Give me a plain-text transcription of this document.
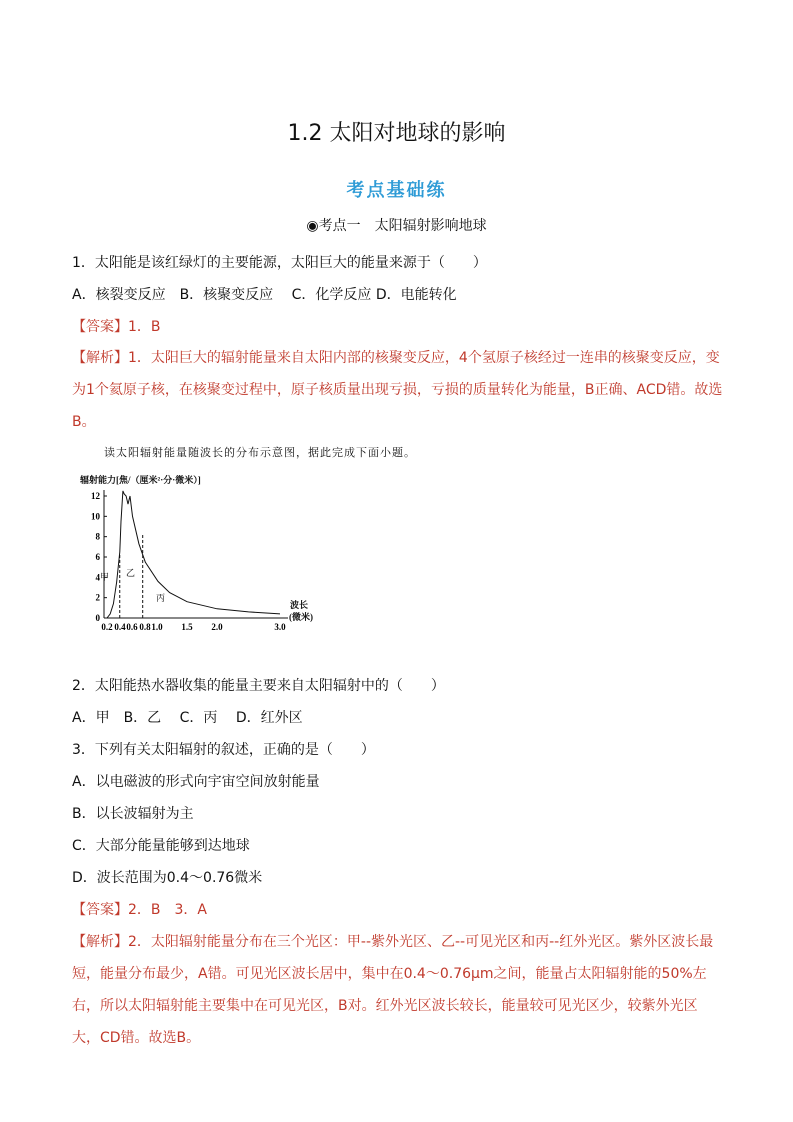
1.2 太阳对地球的影响
考点基础练
◉考点一　太阳辐射影响地球
1．太阳能是该红绿灯的主要能源，太阳巨大的能量来源于（　　）
A．核裂变反应　B．核聚变反应　 C．化学反应 D．电能转化
【答案】1．B
【解析】1．太阳巨大的辐射能量来自太阳内部的核聚变反应，4个氢原子核经过一连串的核聚变反应，变为1个氦原子核，在核聚变过程中，原子核质量出现亏损，亏损的质量转化为能量，B正确、ACD错。故选B。
读太阳辐射能量随波长的分布示意图，据此完成下面小题。
辐射能力[焦/（厘米²·分·微米）]
0
2
4
6
8
10
12
0.2 0.4 0.6 0.8 1.0 1.5 2.0	3.0
甲 乙
丙
波长(微米)
2．太阳能热水器收集的能量主要来自太阳辐射中的（　　）
A．甲　B．乙　 C．丙　 D．红外区
3．下列有关太阳辐射的叙述，正确的是（　　）
A．以电磁波的形式向宇宙空间放射能量
B．以长波辐射为主
C．大部分能量能够到达地球
D．波长范围为0.4～0.76微米
【答案】2．B　3．A
【解析】2．太阳辐射能量分布在三个光区：甲--紫外光区、乙--可见光区和丙--红外光区。紫外区波长最短，能量分布最少，A错。可见光区波长居中，集中在0.4～0.76μm之间，能量占太阳辐射能的50%左右，所以太阳辐射能主要集中在可见光区，B对。红外光区波长较长，能量较可见光区少，较紫外光区大，CD错。故选B。
